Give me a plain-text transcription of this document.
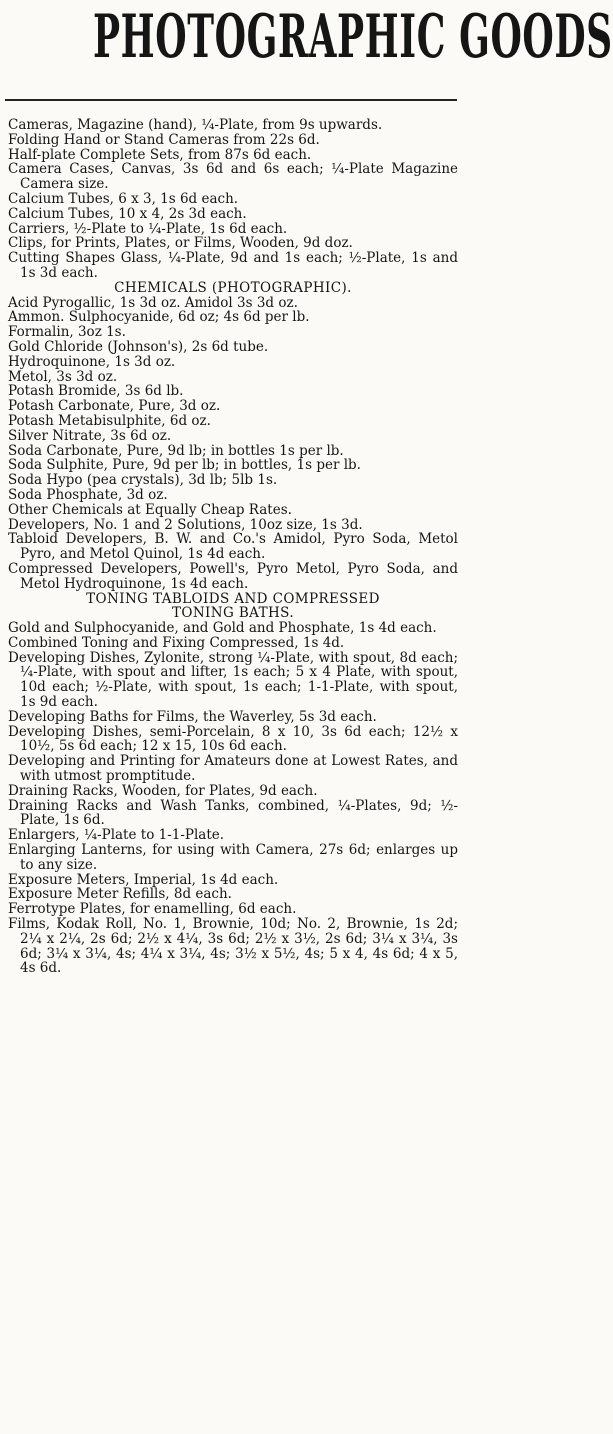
PHOTOGRAPHIC GOODS

Cameras, Magazine (hand), ¼-Plate, from 9s upwards.

Folding Hand or Stand Cameras from 22s 6d.

Half-plate Complete Sets, from 87s 6d each.

Camera Cases, Canvas, 3s 6d and 6s each; ¼-Plate Magazine Camera size.

Calcium Tubes, 6 x 3, 1s 6d each.

Calcium Tubes, 10 x 4, 2s 3d each.

Carriers, ½-Plate to ¼-Plate, 1s 6d each.

Clips, for Prints, Plates, or Films, Wooden, 9d doz.

Cutting Shapes Glass, ¼-Plate, 9d and 1s each; ½-Plate, 1s and 1s 3d each.

CHEMICALS (PHOTOGRAPHIC).

Acid Pyrogallic, 1s 3d oz. Amidol 3s 3d oz.

Ammon. Sulphocyanide, 6d oz; 4s 6d per lb.

Formalin, 3oz 1s.

Gold Chloride (Johnson's), 2s 6d tube.

Hydroquinone, 1s 3d oz.

Metol, 3s 3d oz.

Potash Bromide, 3s 6d lb.

Potash Carbonate, Pure, 3d oz.

Potash Metabisulphite, 6d oz.

Silver Nitrate, 3s 6d oz.

Soda Carbonate, Pure, 9d lb; in bottles 1s per lb.

Soda Sulphite, Pure, 9d per lb; in bottles, 1s per lb.

Soda Hypo (pea crystals), 3d lb; 5lb 1s.

Soda Phosphate, 3d oz.

Other Chemicals at Equally Cheap Rates.

Developers, No. 1 and 2 Solutions, 10oz size, 1s 3d.

Tabloid Developers, B. W. and Co.'s Amidol, Pyro Soda, Metol Pyro, and Metol Quinol, 1s 4d each.

Compressed Developers, Powell's, Pyro Metol, Pyro Soda, and Metol Hydroquinone, 1s 4d each.

TONING TABLOIDS AND COMPRESSED
TONING BATHS.

Gold and Sulphocyanide, and Gold and Phosphate, 1s 4d each.

Combined Toning and Fixing Compressed, 1s 4d.

Developing Dishes, Zylonite, strong ¼-Plate, with spout, 8d each; ¼-Plate, with spout and lifter, 1s each; 5 x 4 Plate, with spout, 10d each; ½-Plate, with spout, 1s each; 1-1-Plate, with spout, 1s 9d each.

Developing Baths for Films, the Waverley, 5s 3d each.

Developing Dishes, semi-Porcelain, 8 x 10, 3s 6d each; 12½ x 10½, 5s 6d each; 12 x 15, 10s 6d each.

Developing and Printing for Amateurs done at Lowest Rates, and with utmost promptitude.

Draining Racks, Wooden, for Plates, 9d each.

Draining Racks and Wash Tanks, combined, ¼-Plates, 9d; ½-Plate, 1s 6d.

Enlargers, ¼-Plate to 1-1-Plate.

Enlarging Lanterns, for using with Camera, 27s 6d; enlarges up to any size.

Exposure Meters, Imperial, 1s 4d each.

Exposure Meter Refills, 8d each.

Ferrotype Plates, for enamelling, 6d each.

Films, Kodak Roll, No. 1, Brownie, 10d; No. 2, Brownie, 1s 2d; 2¼ x 2¼, 2s 6d; 2½ x 4¼, 3s 6d; 2½ x 3½, 2s 6d; 3¼ x 3¼, 3s 6d; 3¼ x 3¼, 4s; 4¼ x 3¼, 4s; 3½ x 5½, 4s; 5 x 4, 4s 6d; 4 x 5, 4s 6d.
